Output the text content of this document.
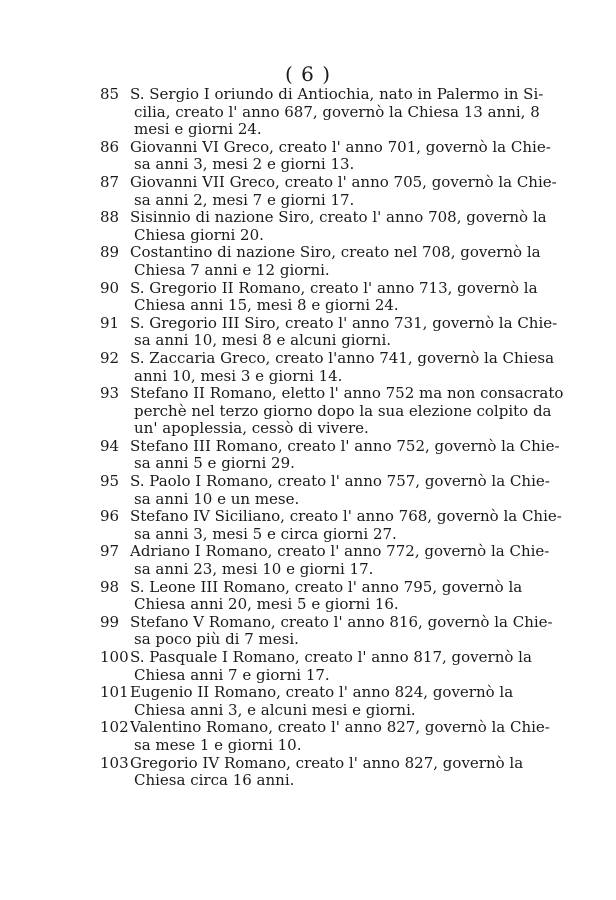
( 6 )
85 S. Sergio I oriundo di Antiochia, nato in Palermo in Si-
cilia, creato l' anno 687, governò la Chiesa 13 anni, 8
mesi e giorni 24.
86 Giovanni VI Greco, creato l' anno 701, governò la Chie-
sa anni 3, mesi 2 e giorni 13.
87 Giovanni VII Greco, creato l' anno 705, governò la Chie-
sa anni 2, mesi 7 e giorni 17.
88 Sisinnio di nazione Siro, creato l' anno 708, governò la
Chiesa giorni 20.
89 Costantino di nazione Siro, creato nel 708, governò la
Chiesa 7 anni e 12 giorni.
90 S. Gregorio II Romano, creato l' anno 713, governò la
Chiesa anni 15, mesi 8 e giorni 24.
91 S. Gregorio III Siro, creato l' anno 731, governò la Chie-
sa anni 10, mesi 8 e alcuni giorni.
92 S. Zaccaria Greco, creato l'anno 741, governò la Chiesa
anni 10, mesi 3 e giorni 14.
93 Stefano II Romano, eletto l' anno 752 ma non consacrato
perchè nel terzo giorno dopo la sua elezione colpito da
un' apoplessia, cessò di vivere.
94 Stefano III Romano, creato l' anno 752, governò la Chie-
sa anni 5 e giorni 29.
95 S. Paolo I Romano, creato l' anno 757, governò la Chie-
sa anni 10 e un mese.
96 Stefano IV Siciliano, creato l' anno 768, governò la Chie-
sa anni 3, mesi 5 e circa giorni 27.
97 Adriano I Romano, creato l' anno 772, governò la Chie-
sa anni 23, mesi 10 e giorni 17.
98 S. Leone III Romano, creato l' anno 795, governò la
Chiesa anni 20, mesi 5 e giorni 16.
99 Stefano V Romano, creato l' anno 816, governò la Chie-
sa poco più di 7 mesi.
100 S. Pasquale I Romano, creato l' anno 817, governò la
Chiesa anni 7 e giorni 17.
101 Eugenio II Romano, creato l' anno 824, governò la
Chiesa anni 3, e alcuni mesi e giorni.
102 Valentino Romano, creato l' anno 827, governò la Chie-
sa mese 1 e giorni 10.
103 Gregorio IV Romano, creato l' anno 827, governò la
Chiesa circa 16 anni.
